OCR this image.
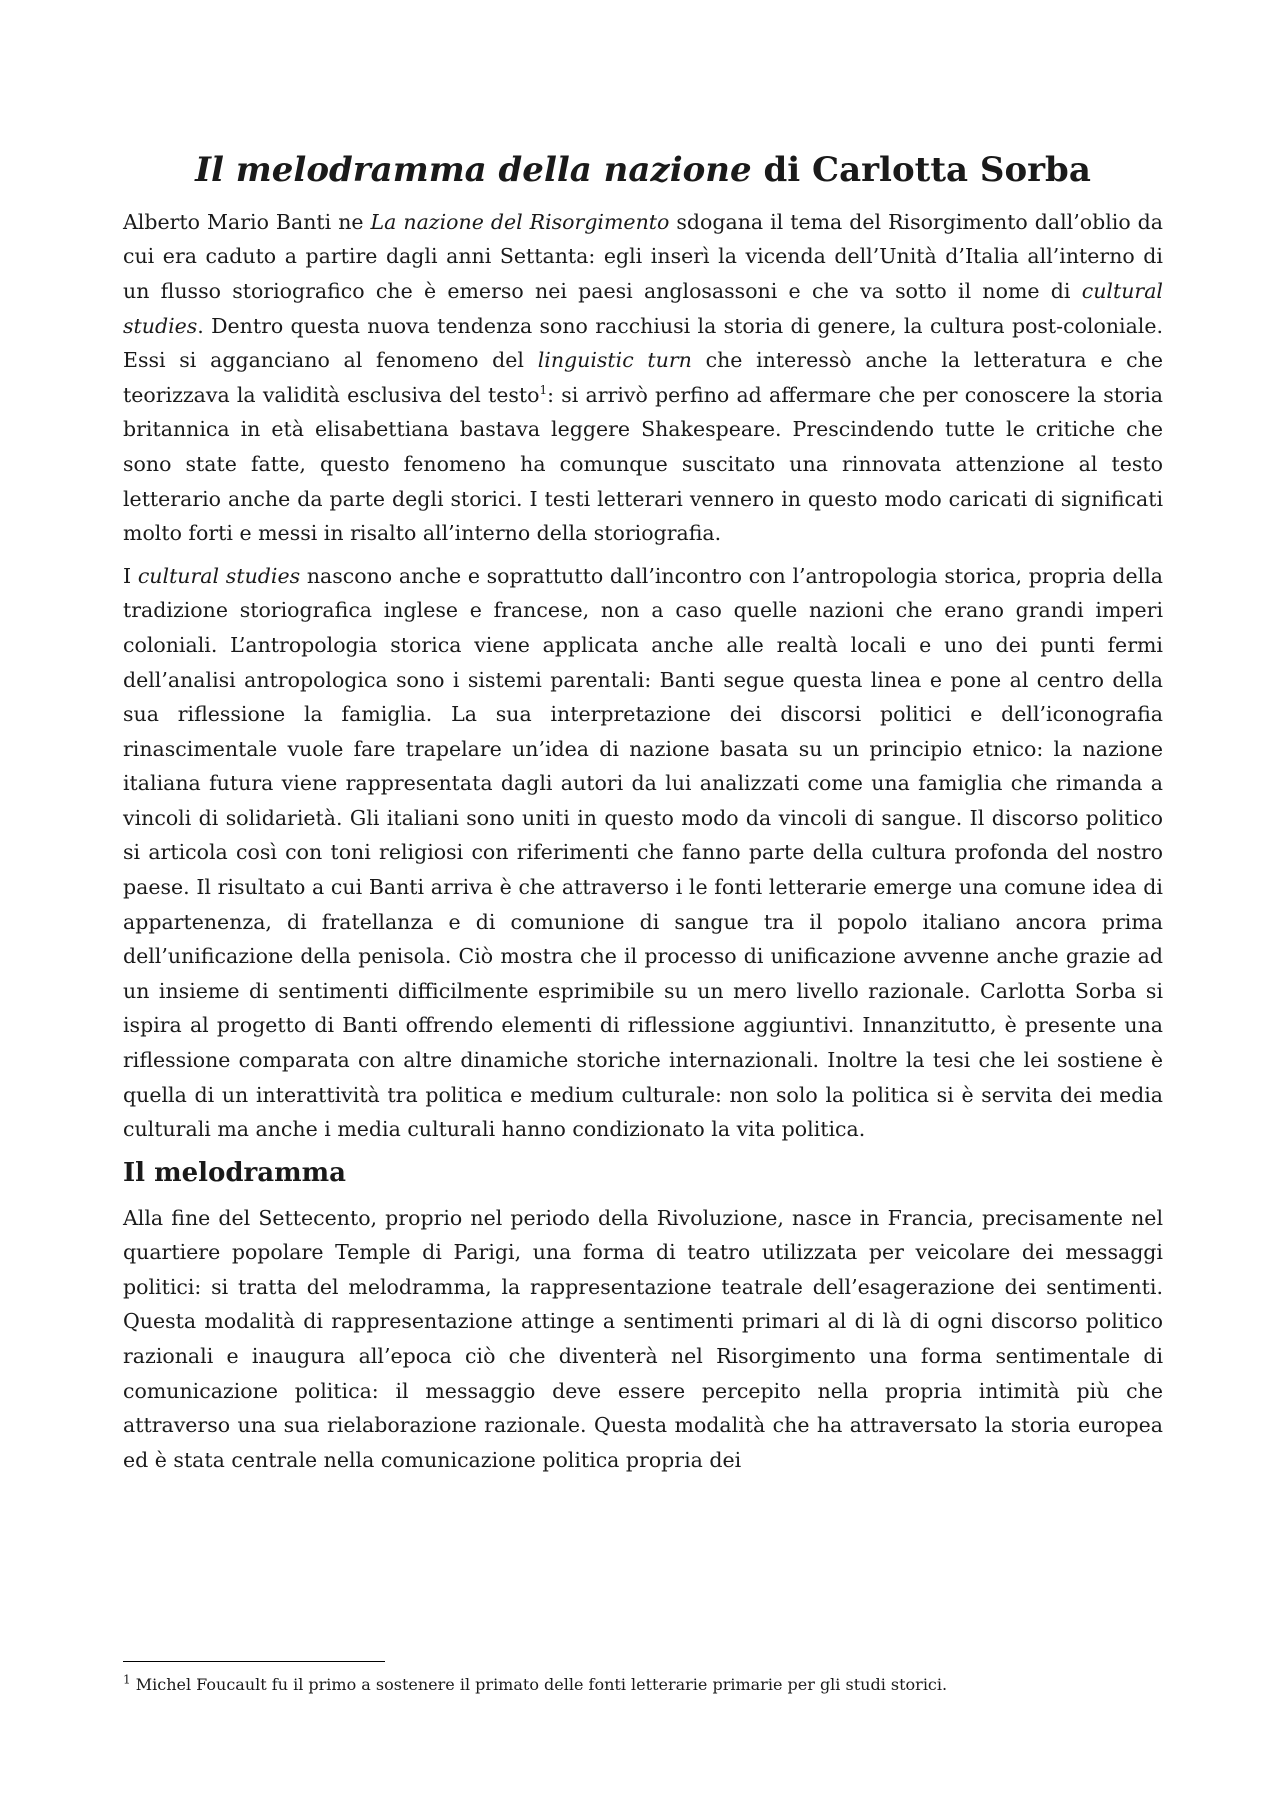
Il melodramma della nazione di Carlotta Sorba

Alberto Mario Banti ne La nazione del Risorgimento sdogana il tema del Risorgimento dall’oblio da cui era caduto a partire dagli anni Settanta: egli inserì la vicenda dell’Unità d’Italia all’interno di un flusso storiografico che è emerso nei paesi anglosassoni e che va sotto il nome di cultural studies. Dentro questa nuova tendenza sono racchiusi la storia di genere, la cultura post-coloniale. Essi si agganciano al fenomeno del linguistic turn che interessò anche la letteratura e che teorizzava la validità esclusiva del testo$^1$: si arrivò perfino ad affermare che per conoscere la storia britannica in età elisabettiana bastava leggere Shakespeare. Prescindendo tutte le critiche che sono state fatte, questo fenomeno ha comunque suscitato una rinnovata attenzione al testo letterario anche da parte degli storici. I testi letterari vennero in questo modo caricati di significati molto forti e messi in risalto all’interno della storiografia.

I cultural studies nascono anche e soprattutto dall’incontro con l’antropologia storica, propria della tradizione storiografica inglese e francese, non a caso quelle nazioni che erano grandi imperi coloniali. L’antropologia storica viene applicata anche alle realtà locali e uno dei punti fermi dell’analisi antropologica sono i sistemi parentali: Banti segue questa linea e pone al centro della sua riflessione la famiglia. La sua interpretazione dei discorsi politici e dell’iconografia rinascimentale vuole fare trapelare un’idea di nazione basata su un principio etnico: la nazione italiana futura viene rappresentata dagli autori da lui analizzati come una famiglia che rimanda a vincoli di solidarietà. Gli italiani sono uniti in questo modo da vincoli di sangue. Il discorso politico si articola così con toni religiosi con riferimenti che fanno parte della cultura profonda del nostro paese. Il risultato a cui Banti arriva è che attraverso i le fonti letterarie emerge una comune idea di appartenenza, di fratellanza e di comunione di sangue tra il popolo italiano ancora prima dell’unificazione della penisola. Ciò mostra che il processo di unificazione avvenne anche grazie ad un insieme di sentimenti difficilmente esprimibile su un mero livello razionale. Carlotta Sorba si ispira al progetto di Banti offrendo elementi di riflessione aggiuntivi. Innanzitutto, è presente una riflessione comparata con altre dinamiche storiche internazionali. Inoltre la tesi che lei sostiene è quella di un interattività tra politica e medium culturale: non solo la politica si è servita dei media culturali ma anche i media culturali hanno condizionato la vita politica.

Il melodramma

Alla fine del Settecento, proprio nel periodo della Rivoluzione, nasce in Francia, precisamente nel quartiere popolare Temple di Parigi, una forma di teatro utilizzata per veicolare dei messaggi politici: si tratta del melodramma, la rappresentazione teatrale dell’esagerazione dei sentimenti. Questa modalità di rappresentazione attinge a sentimenti primari al di là di ogni discorso politico razionali e inaugura all’epoca ciò che diventerà nel Risorgimento una forma sentimentale di comunicazione politica: il messaggio deve essere percepito nella propria intimità più che attraverso una sua rielaborazione razionale. Questa modalità che ha attraversato la storia europea ed è stata centrale nella comunicazione politica propria dei

$^1$ Michel Foucault fu il primo a sostenere il primato delle fonti letterarie primarie per gli studi storici.
